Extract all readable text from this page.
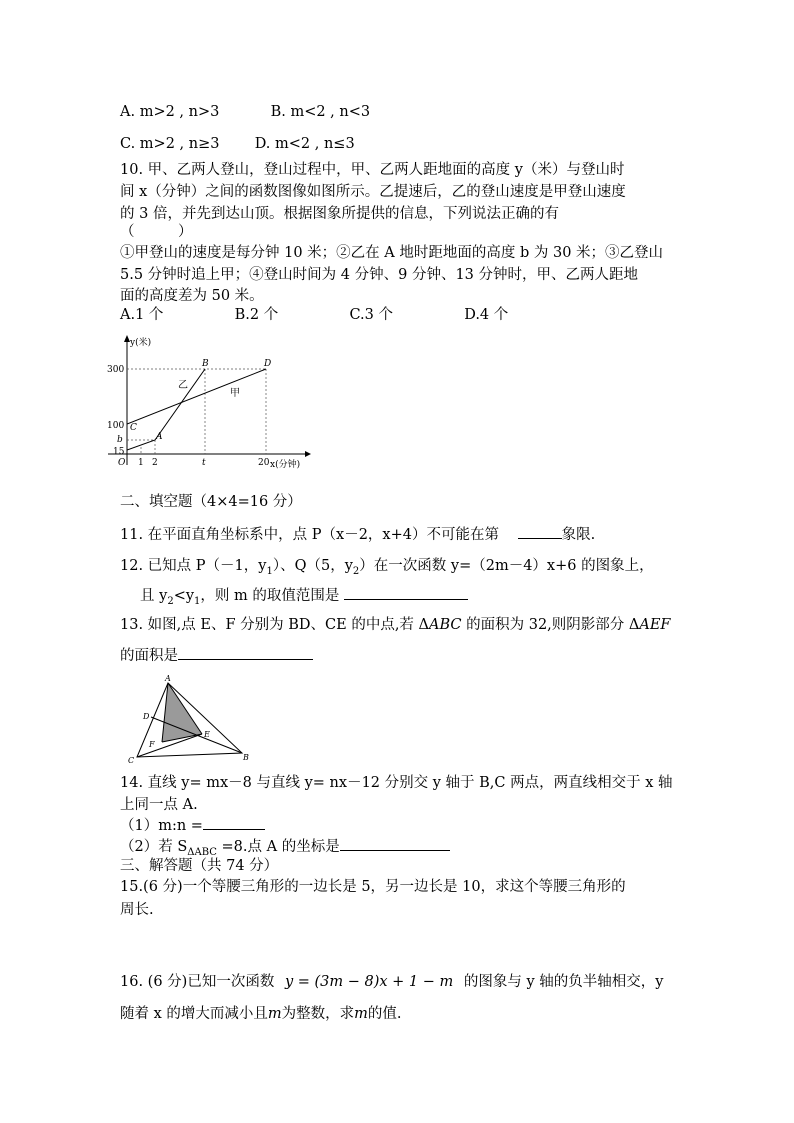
A. m>2 , n>3	B. m<2 , n<3
C. m>2 , n≥3 D. m<2 , n≤3
10. 甲、乙两人登山，登山过程中，甲、乙两人距地面的高度 y（米）与登山时
间 x（分钟）之间的函数图像如图所示。乙提速后，乙的登山速度是甲登山速度
的 3 倍，并先到达山顶。根据图象所提供的信息，下列说法正确的有
（　　　）
①甲登山的速度是每分钟 10 米；②乙在 A 地时距地面的高度 b 为 30 米；③乙登山
5.5 分钟时追上甲；④登山时间为 4 分钟、9 分钟、13 分钟时，甲、乙两人距地
面的高度差为 50 米。
A.1 个	B.2 个	C.3 个	D.4 个
y(米)
300
100
b
15
O 1 2	t	20 x(分钟)
A
B
C
D
乙
甲
二、填空题（4×4=16 分）
11. 在平面直角坐标系中，点 P（x－2，x+4）不可能在第	象限.
12. 已知点 P（－1，$y_1$）、Q（5，$y_2$）在一次函数 y=（2m－4）x+6 的图象上，
且 $y_2<y_1$，则 m 的取值范围是
13. 如图,点 E、F 分别为 BD、CE 的中点,若 ΔABC 的面积为 32,则阴影部分 ΔAEF
的面积是
A
B
C
D
E
F
14. 直线 y= mx－8 与直线 y= nx－12 分别交 y 轴于 B,C 两点，两直线相交于 x 轴
上同一点 A.
（1）m:n =
（2）若 $S_{\Delta ABC} =8$.点 A 的坐标是
三、解答题（共 74 分）
15.(6 分)一个等腰三角形的一边长是 5，另一边长是 10，求这个等腰三角形的
周长.
16. (6 分)已知一次函数 y = (3m − 8)x + 1 − m 的图象与 y 轴的负半轴相交，y
随着 x 的增大而减小且m为整数，求m的值.
